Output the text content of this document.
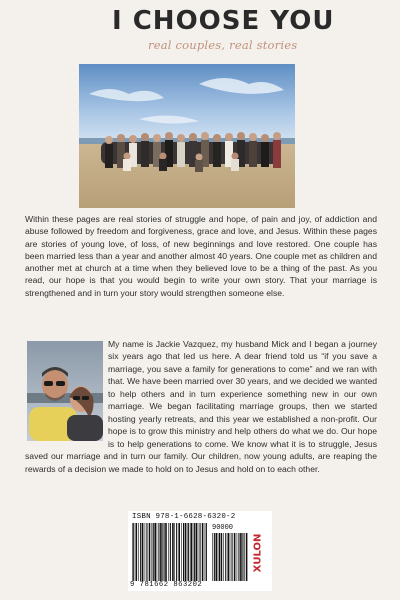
I CHOOSE YOU
real couples, real stories

Within these pages are real stories of struggle and hope, of pain and joy, of addiction and abuse followed by freedom and forgiveness, grace and love, and Jesus. Within these pages are stories of young love, of loss, of new beginnings and love restored. One couple has been married less than a year and another almost 40 years. One couple met as children and another met at church at a time when they believed love to be a thing of the past. As you read, our hope is that you would begin to write your own story. That your marriage is strengthened and in turn your story would strengthen someone else.

My name is Jackie Vazquez, my husband Mick and I began a journey six years ago that led us here. A dear friend told us “if you save a marriage, you save a family for generations to come” and we ran with that. We have been married over 30 years, and we decided we wanted to help others and in turn experience something new in our own marriage. We began facilitating marriage groups, then we started hosting yearly retreats, and this year we established a non-profit. Our hope is to grow this ministry and help others do what we do. Our hope is to help generations to come. We know what it is to struggle, Jesus saved our marriage and in turn our family. Our children, now young adults, are reaping the rewards of a decision we made to hold on to Jesus and hold on to each other.

ISBN 978-1-6628-6320-2
90000
9 781662 863202
XULON
